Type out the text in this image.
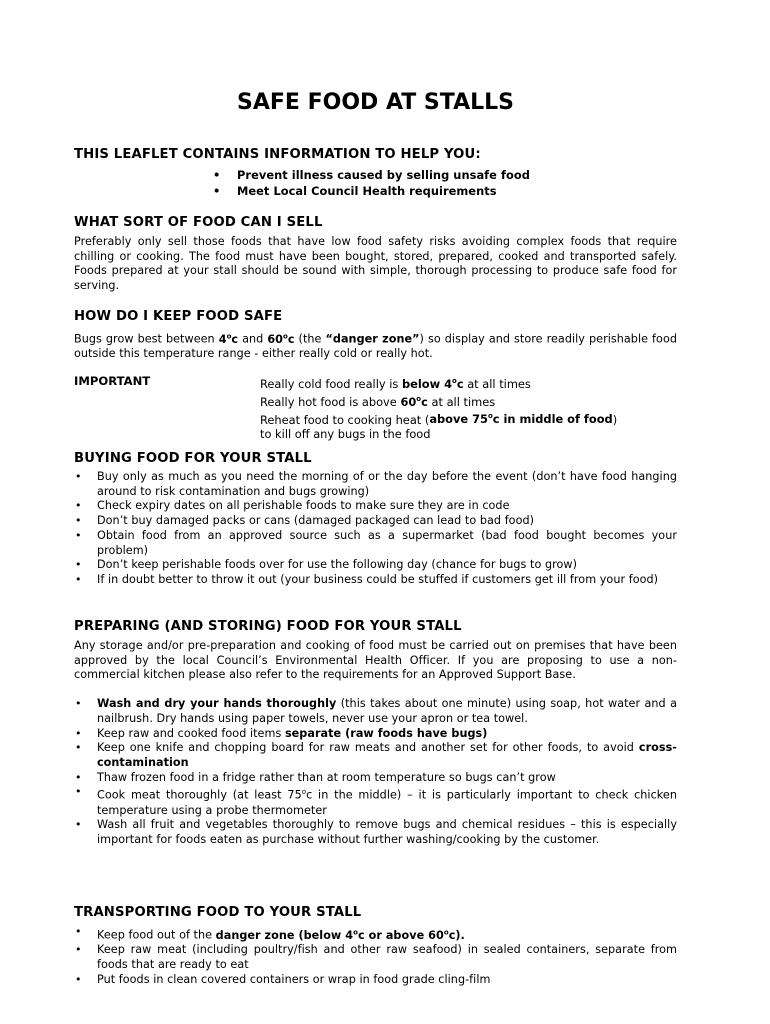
SAFE FOOD AT STALLS
THIS LEAFLET CONTAINS INFORMATION TO HELP YOU:
• Prevent illness caused by selling unsafe food
• Meet Local Council Health requirements
WHAT SORT OF FOOD CAN I SELL

Preferably only sell those foods that have low food safety risks avoiding complex foods that require chilling or cooking. The food must have been bought, stored, prepared, cooked and transported safely. Foods prepared at your stall should be sound with simple, thorough processing to produce safe food for serving.

HOW DO I KEEP FOOD SAFE

Bugs grow best between 4$^o$c and 60$^o$c (the “danger zone”) so display and store readily perishable food outside this temperature range - either really cold or really hot.

IMPORTANT	Really cold food really is below 4$^o$c at all times
Really hot food is above 60$^o$c at all times
Reheat food to cooking heat (above 75$^o$c in middle of food)
to kill off any bugs in the food
BUYING FOOD FOR YOUR STALL
• Buy only as much as you need the morning of or the day before the event (don’t have food hanging around to risk contamination and bugs growing)
• Check expiry dates on all perishable foods to make sure they are in code
• Don’t buy damaged packs or cans (damaged packaged can lead to bad food)
• Obtain food from an approved source such as a supermarket (bad food bought becomes your problem)
• Don’t keep perishable foods over for use the following day (chance for bugs to grow)
• If in doubt better to throw it out (your business could be stuffed if customers get ill from your food)
PREPARING (AND STORING) FOOD FOR YOUR STALL

Any storage and/or pre-preparation and cooking of food must be carried out on premises that have been approved by the local Council’s Environmental Health Officer. If you are proposing to use a non-commercial kitchen please also refer to the requirements for an Approved Support Base.

• Wash and dry your hands thoroughly (this takes about one minute) using soap, hot water and a nailbrush. Dry hands using paper towels, never use your apron or tea towel.
• Keep raw and cooked food items separate (raw foods have bugs)
• Keep one knife and chopping board for raw meats and another set for other foods, to avoid cross-contamination
• Thaw frozen food in a fridge rather than at room temperature so bugs can’t grow
• Cook meat thoroughly (at least 75$^o$c in the middle) – it is particularly important to check chicken temperature using a probe thermometer
• Wash all fruit and vegetables thoroughly to remove bugs and chemical residues – this is especially important for foods eaten as purchase without further washing/cooking by the customer.
TRANSPORTING FOOD TO YOUR STALL
• Keep food out of the danger zone (below 4$^o$c or above 60$^o$c).
• Keep raw meat (including poultry/fish and other raw seafood) in sealed containers, separate from foods that are ready to eat
• Put foods in clean covered containers or wrap in food grade cling-film
